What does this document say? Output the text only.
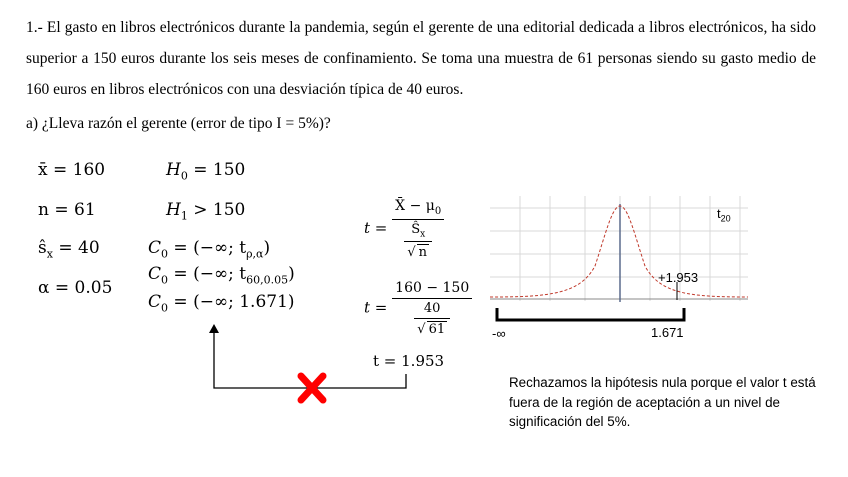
1.- El gasto en libros electrónicos durante la pandemia, según el gerente de una editorial dedicada a libros electrónicos, ha sido superior a 150 euros durante los seis meses de confinamiento. Se toma una muestra de 61 personas siendo su gasto medio de 160 euros en libros electrónicos con una desviación típica de 40 euros.
a) ¿Lleva razón el gerente (error de tipo I = 5%)?
x̄ = 160
n = 61
$ŝ_x = 40$
α = 0.05
$H_0 = 150$
$H_1 > 150$
$C_0$ = (−∞; $t_{\rho,\alpha}$)
$C_0$ = (−∞; $t_{60,0.05}$)
$C_0$ = (−∞; 1.671)
$t = \frac{X̄ - \mu_0}{\frac{Ŝ_x}{√ n}}$
$t = \frac{160 - 150}{\frac{40}{√ 61}}$
t = 1.953
$t_{20}$
+1.953
-∞	1.671
Rechazamos la hipótesis nula porque el valor t está fuera de la región de aceptación a un nivel de significación del 5%.
